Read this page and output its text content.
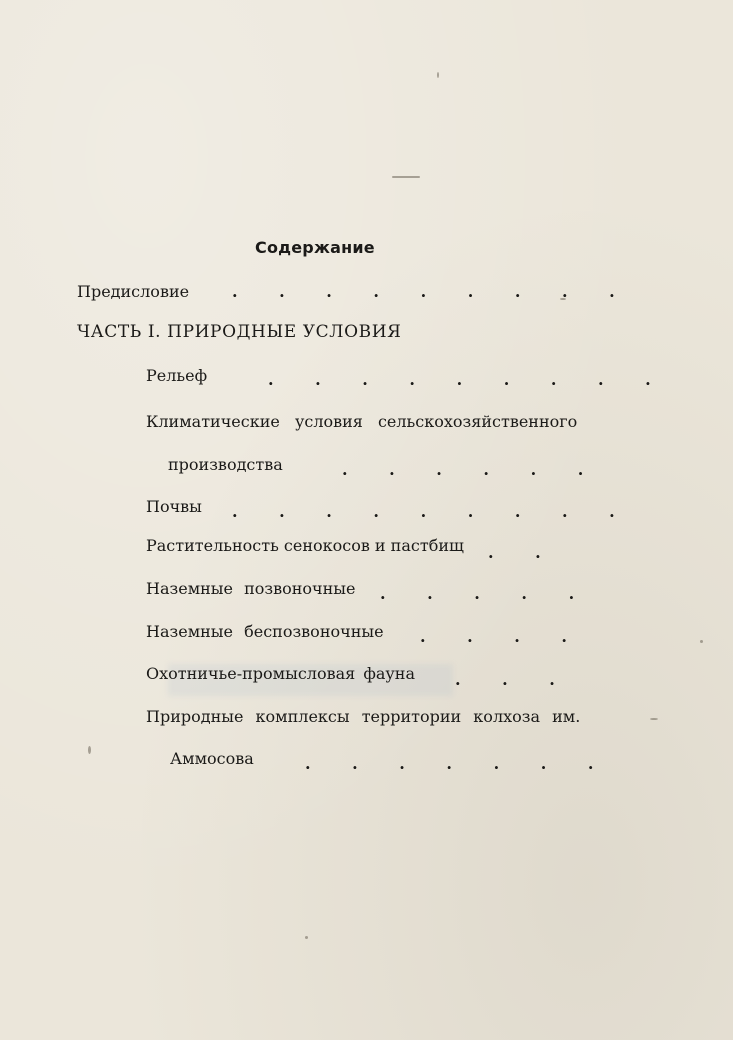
Содержание
Предисловие	. . . . . . . . .
ЧАСТЬ I. ПРИРОДНЫЕ УСЛОВИЯ
Рельеф	. . . . . . . . .
Климатические условия сельскохозяйственного
производства	. . . . . .
Почвы . . . . . . . . .
Растительность сенокосов и пастбищ . .
Наземные позвоночные . . . . .
Наземные беспозвоночные . . . .
Охотничье-промысловая фауна	. . .
Природные комплексы территории колхоза им.
Аммосова	. . . . . . .
